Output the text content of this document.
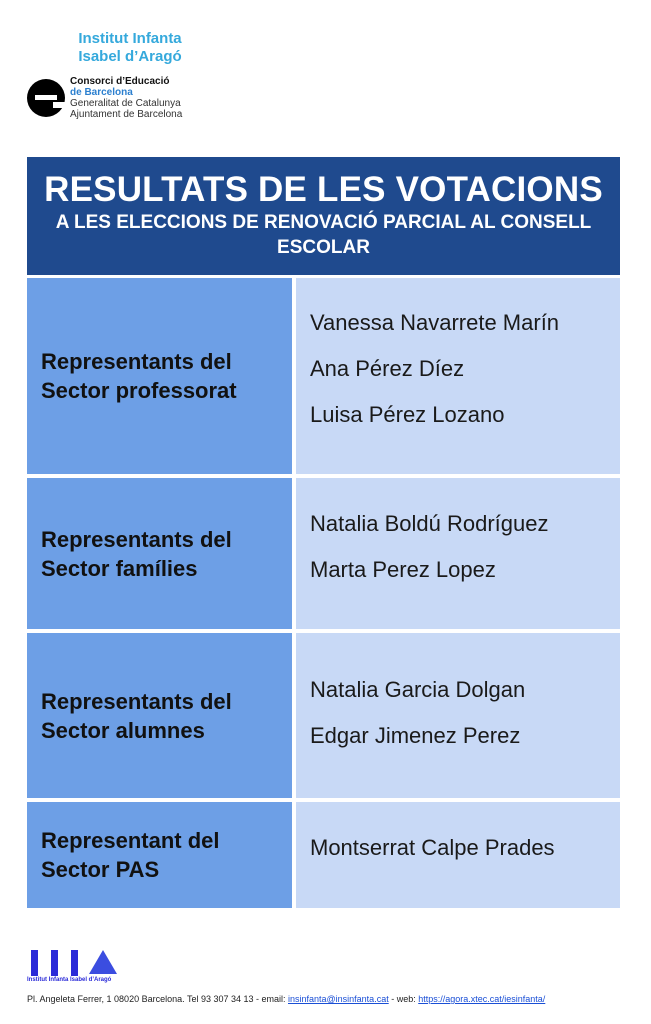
Institut Infanta
Isabel d’Aragó
Consorci d’Educació
de Barcelona
Generalitat de Catalunya
Ajuntament de Barcelona
RESULTATS DE LES VOTACIONS
A LES ELECCIONS DE RENOVACIÓ PARCIAL AL CONSELL ESCOLAR
Representants del
Sector professorat
Vanessa Navarrete Marín
Ana Pérez Díez
Luisa Pérez Lozano
Representants del
Sector famílies
Natalia Boldú Rodríguez
Marta Perez Lopez
Representants del
Sector alumnes
Natalia Garcia Dolgan
Edgar Jimenez Perez
Representant del
Sector PAS
Montserrat Calpe Prades
Institut Infanta Isabel d’Aragó
Pl. Angeleta Ferrer, 1 08020 Barcelona. Tel 93 307 34 13 - email: insinfanta@insinfanta.cat - web: https://agora.xtec.cat/iesinfanta/
